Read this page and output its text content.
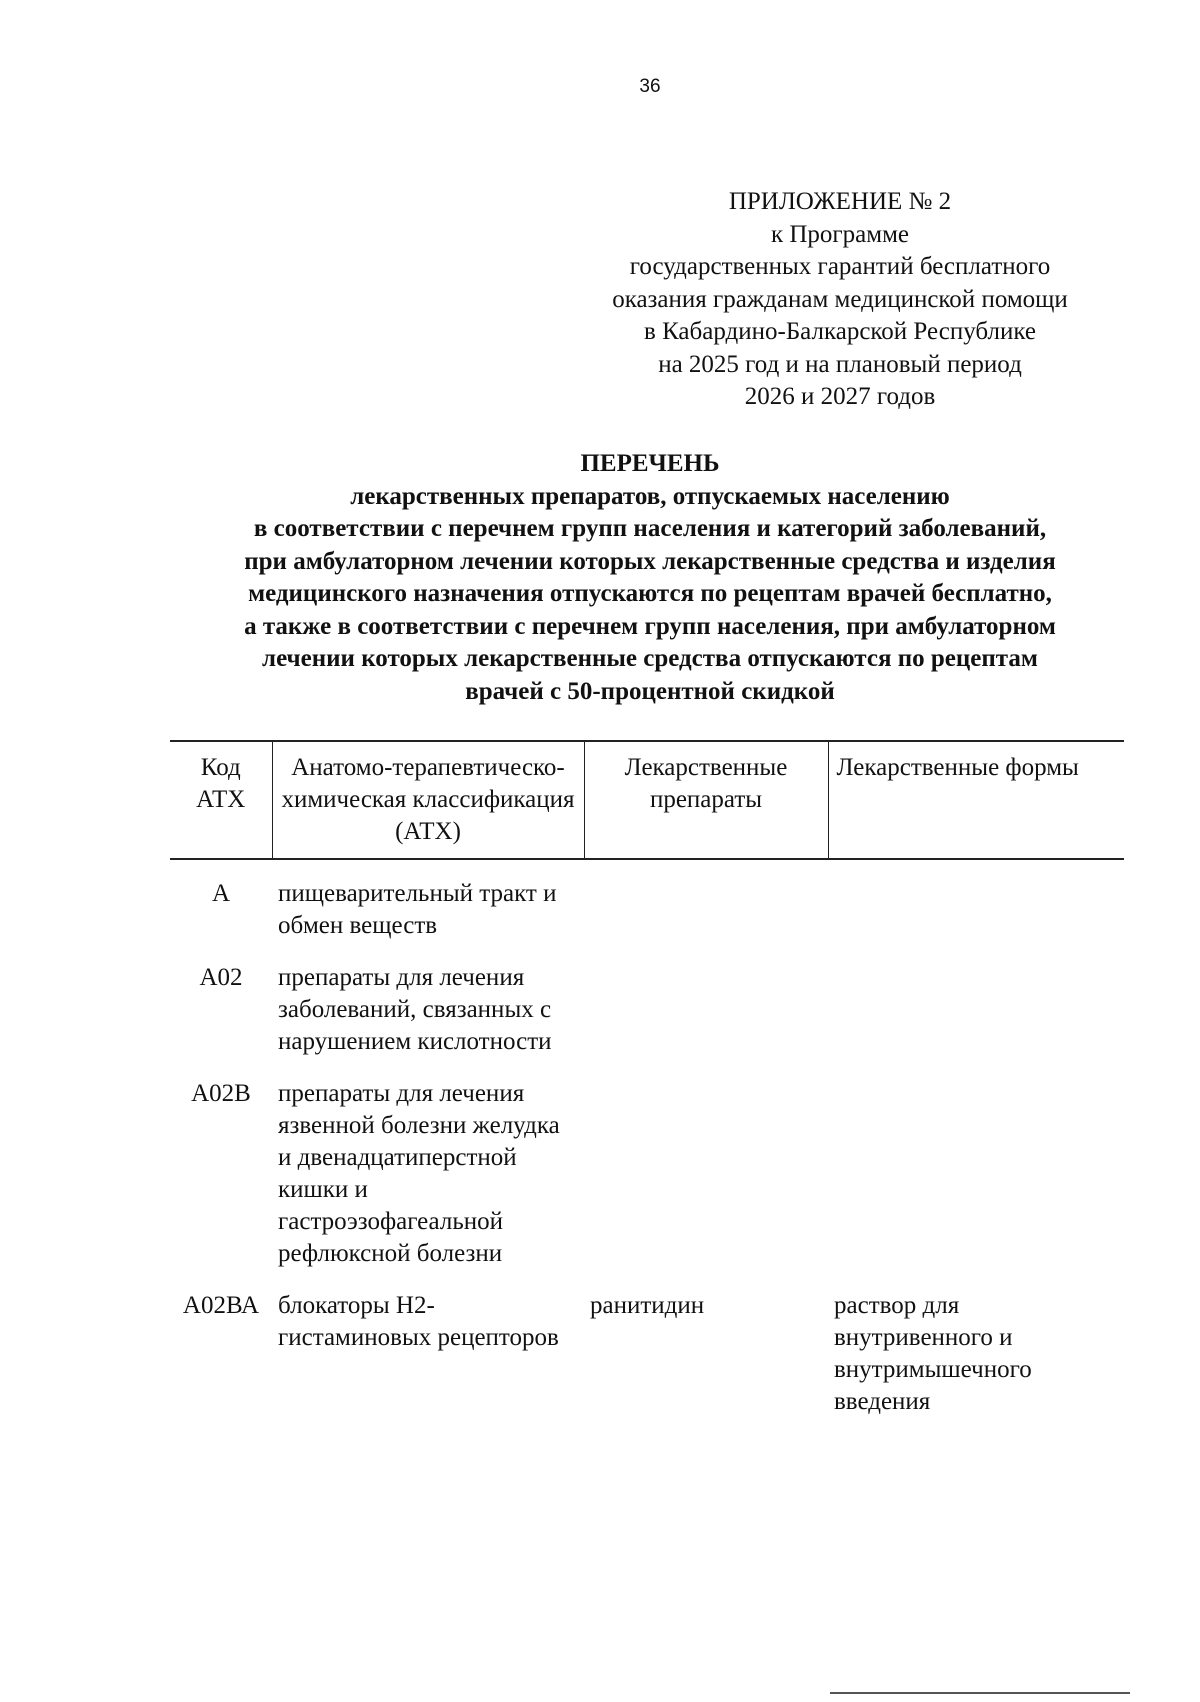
36
ПРИЛОЖЕНИЕ № 2
к Программе
государственных гарантий бесплатного
оказания гражданам медицинской помощи
в Кабардино-Балкарской Республике
на 2025 год и на плановый период
2026 и 2027 годов
ПЕРЕЧЕНЬ
лекарственных препаратов, отпускаемых населению
в соответствии с перечнем групп населения и категорий заболеваний,
при амбулаторном лечении которых лекарственные средства и изделия
медицинского назначения отпускаются по рецептам врачей бесплатно,
а также в соответствии с перечнем групп населения, при амбулаторном
лечении которых лекарственные средства отпускаются по рецептам
врачей с 50-процентной скидкой
Код АТХ	Анатомо-терапевтическо-химическая классификация (АТХ)	Лекарственные препараты	Лекарственные формы
А	пищеварительный тракт и обмен веществ		
А02	препараты для лечения заболеваний, связанных с нарушением кислотности		
А02В	препараты для лечения язвенной болезни желудка и двенадцатиперстной кишки и гастроэзофагеальной рефлюксной болезни		
А02ВА	блокаторы Н2-гистаминовых рецепторов	ранитидин	раствор для внутривенного и внутримышечного введения
